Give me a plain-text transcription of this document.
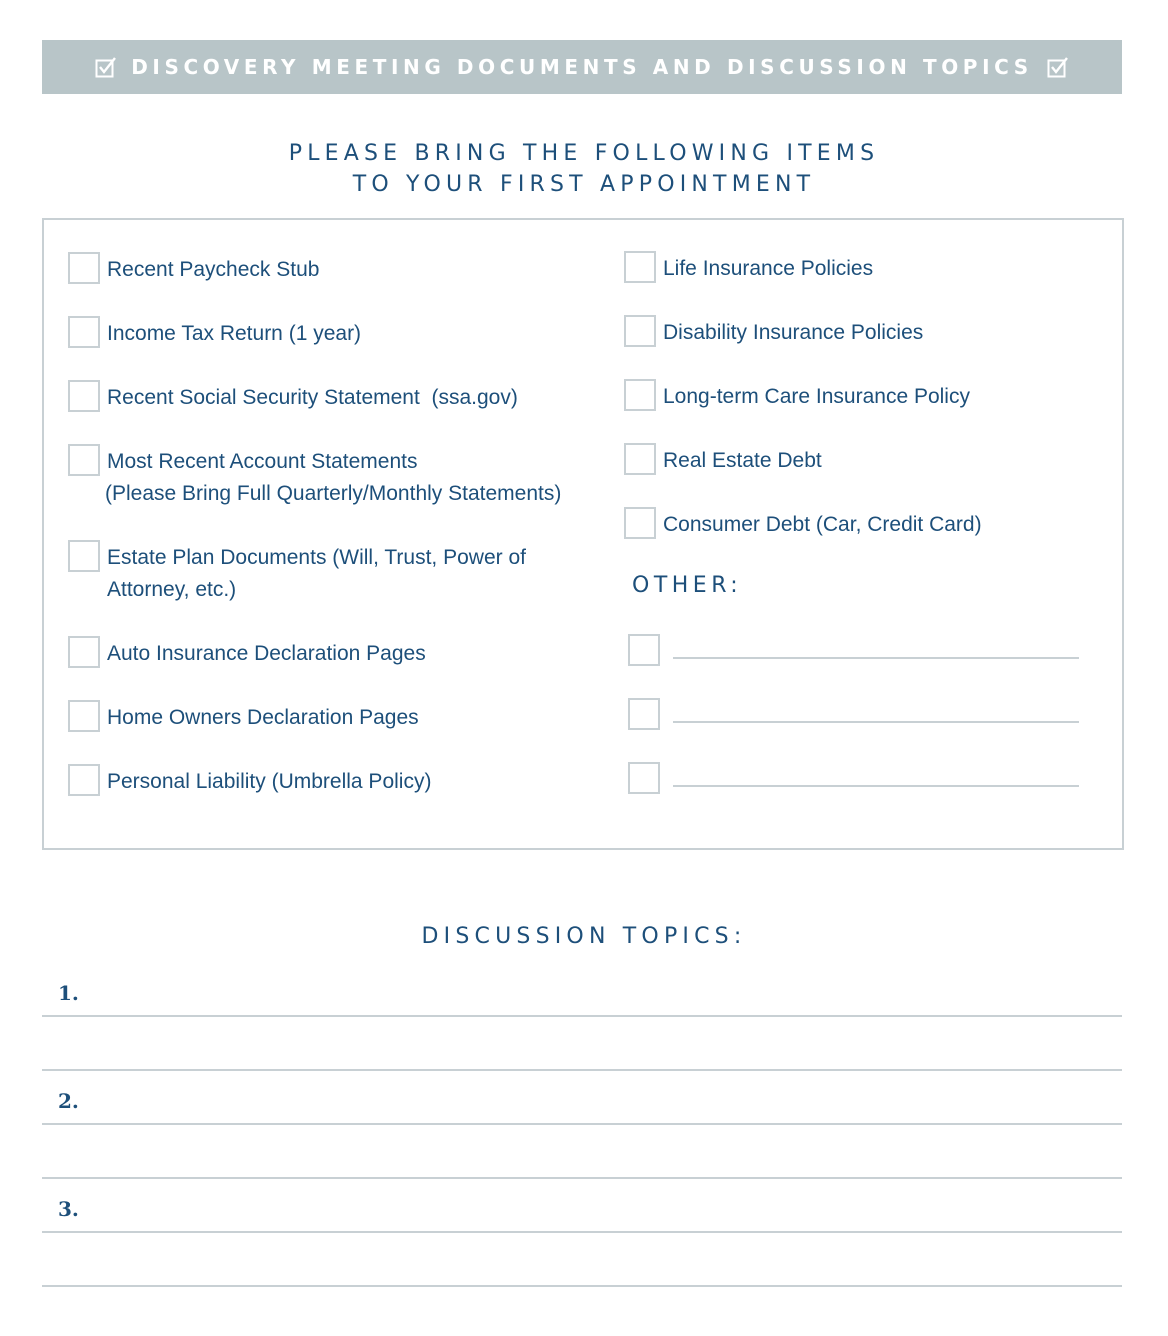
DISCOVERY MEETING DOCUMENTS AND DISCUSSION TOPICS
PLEASE BRING THE FOLLOWING ITEMS
TO YOUR FIRST APPOINTMENT
Recent Paycheck Stub
Income Tax Return (1 year)
Recent Social Security Statement  (ssa.gov)
Most Recent Account Statements
(Please Bring Full Quarterly/Monthly Statements)
Estate Plan Documents (Will, Trust, Power of
Attorney, etc.)
Auto Insurance Declaration Pages
Home Owners Declaration Pages
Personal Liability (Umbrella Policy)
Life Insurance Policies
Disability Insurance Policies
Long-term Care Insurance Policy
Real Estate Debt
Consumer Debt (Car, Credit Card)
OTHER:
DISCUSSION TOPICS:
1.
2.
3.
